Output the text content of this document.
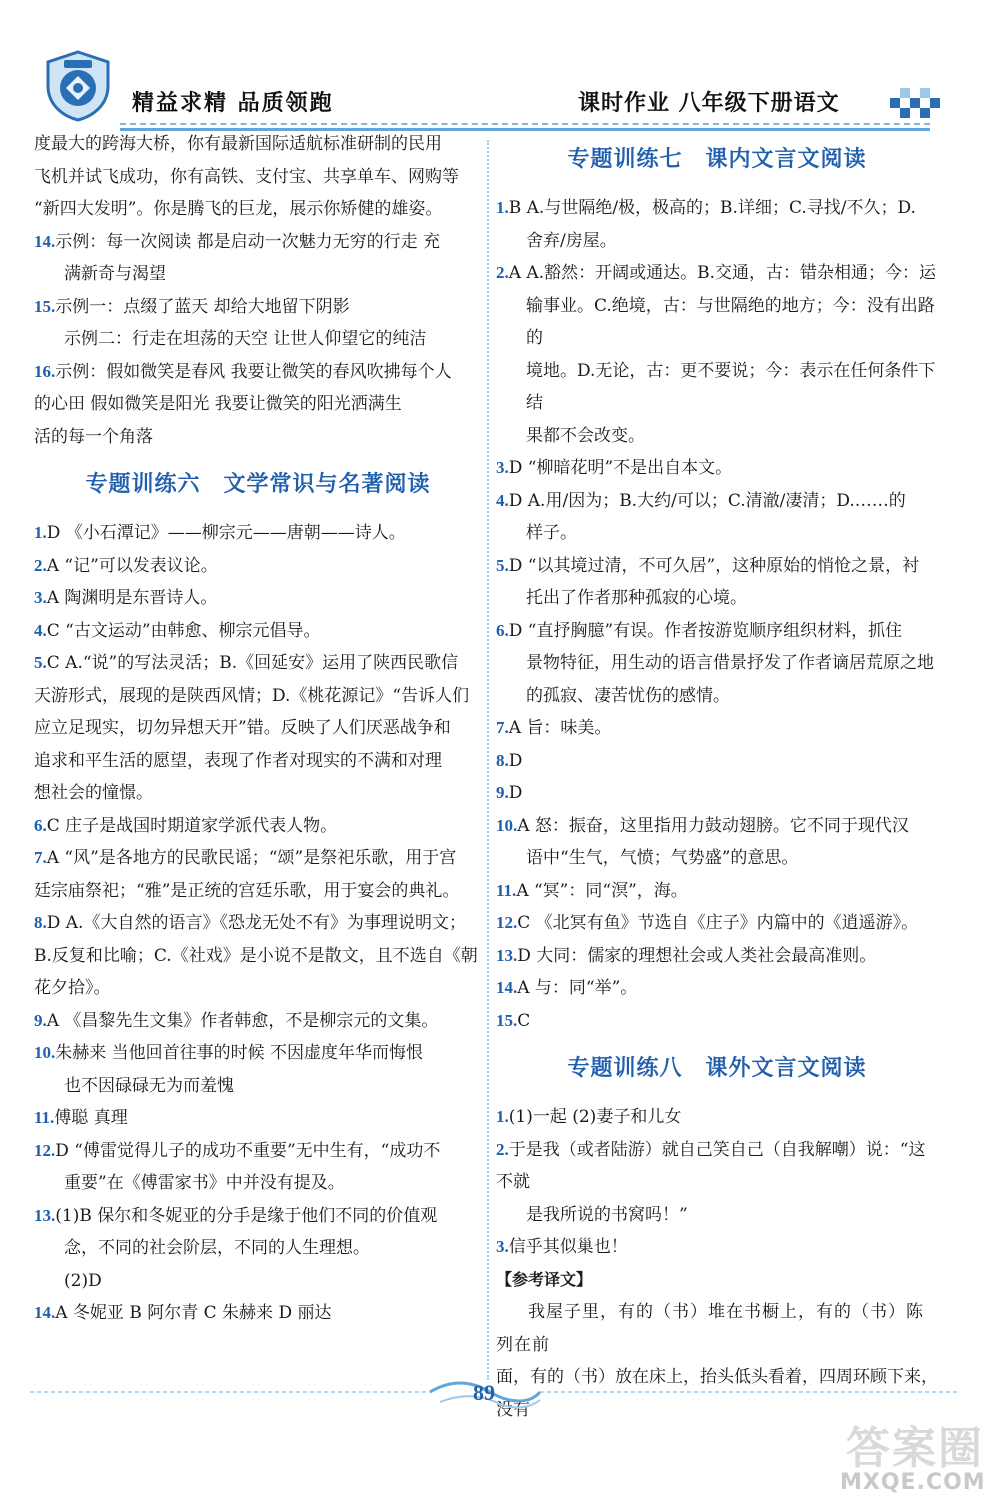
精益求精 品质领跑	课时作业 八年级下册语文

度最大的跨海大桥，你有最新国际适航标准研制的民用

飞机并试飞成功，你有高铁、支付宝、共享单车、网购等

“新四大发明”。你是腾飞的巨龙，展示你矫健的雄姿。

14.示例：每一次阅读 都是启动一次魅力无穷的行走 充

满新奇与渴望

15.示例一：点缀了蓝天 却给大地留下阴影

示例二：行走在坦荡的天空 让世人仰望它的纯洁

16.示例：假如微笑是春风 我要让微笑的春风吹拂每个人

的心田 假如微笑是阳光 我要让微笑的阳光洒满生

活的每一个角落

专题训练六　文学常识与名著阅读

1.D 《小石潭记》——柳宗元——唐朝——诗人。

2.A “记”可以发表议论。

3.A 陶渊明是东晋诗人。

4.C “古文运动”由韩愈、柳宗元倡导。

5.C A.“说”的写法灵活；B.《回延安》运用了陕西民歌信

天游形式，展现的是陕西风情；D.《桃花源记》“告诉人们

应立足现实，切勿异想天开”错。反映了人们厌恶战争和

追求和平生活的愿望，表现了作者对现实的不满和对理

想社会的憧憬。

6.C 庄子是战国时期道家学派代表人物。

7.A “风”是各地方的民歌民谣；“颂”是祭祀乐歌，用于宫

廷宗庙祭祀；“雅”是正统的宫廷乐歌，用于宴会的典礼。

8.D A.《大自然的语言》《恐龙无处不有》为事理说明文；

B.反复和比喻；C.《社戏》是小说不是散文，且不选自《朝

花夕拾》。

9.A 《昌黎先生文集》作者韩愈，不是柳宗元的文集。

10.朱赫来 当他回首往事的时候 不因虚度年华而悔恨

也不因碌碌无为而羞愧

11.傅聪 真理

12.D “傅雷觉得儿子的成功不重要”无中生有，“成功不

重要”在《傅雷家书》中并没有提及。

13.(1)B 保尔和冬妮亚的分手是缘于他们不同的价值观

念，不同的社会阶层，不同的人生理想。

(2)D

14.A 冬妮亚 B 阿尔青 C 朱赫来 D 丽达

专题训练七　课内文言文阅读

1.B A.与世隔绝/极，极高的；B.详细；C.寻找/不久；D.

舍弃/房屋。

2.A A.豁然：开阔或通达。B.交通，古：错杂相通；今：运

输事业。C.绝境，古：与世隔绝的地方；今：没有出路的

境地。D.无论，古：更不要说；今：表示在任何条件下结

果都不会改变。

3.D “柳暗花明”不是出自本文。

4.D A.用/因为；B.大约/可以；C.清澈/凄清；D.……的

样子。

5.D “以其境过清，不可久居”，这种原始的悄怆之景，衬

托出了作者那种孤寂的心境。

6.D “直抒胸臆”有误。作者按游览顺序组织材料，抓住

景物特征，用生动的语言借景抒发了作者谪居荒原之地

的孤寂、凄苦忧伤的感情。

7.A 旨：味美。

8.D

9.D

10.A 怒：振奋，这里指用力鼓动翅膀。它不同于现代汉

语中“生气，气愤；气势盛”的意思。

11.A “冥”：同“溟”，海。

12.C 《北冥有鱼》节选自《庄子》内篇中的《逍遥游》。

13.D 大同：儒家的理想社会或人类社会最高准则。

14.A 与：同“举”。

15.C

专题训练八　课外文言文阅读

1.(1)一起 (2)妻子和儿女

2.于是我（或者陆游）就自己笑自己（自我解嘲）说：“这不就

是我所说的书窝吗！”

3.信乎其似巢也！

【参考译文】

我屋子里，有的（书）堆在书橱上，有的（书）陈列在前

面，有的（书）放在床上，抬头低头看着，四周环顾下来，没有

89
答案圈
MXQE.COM
